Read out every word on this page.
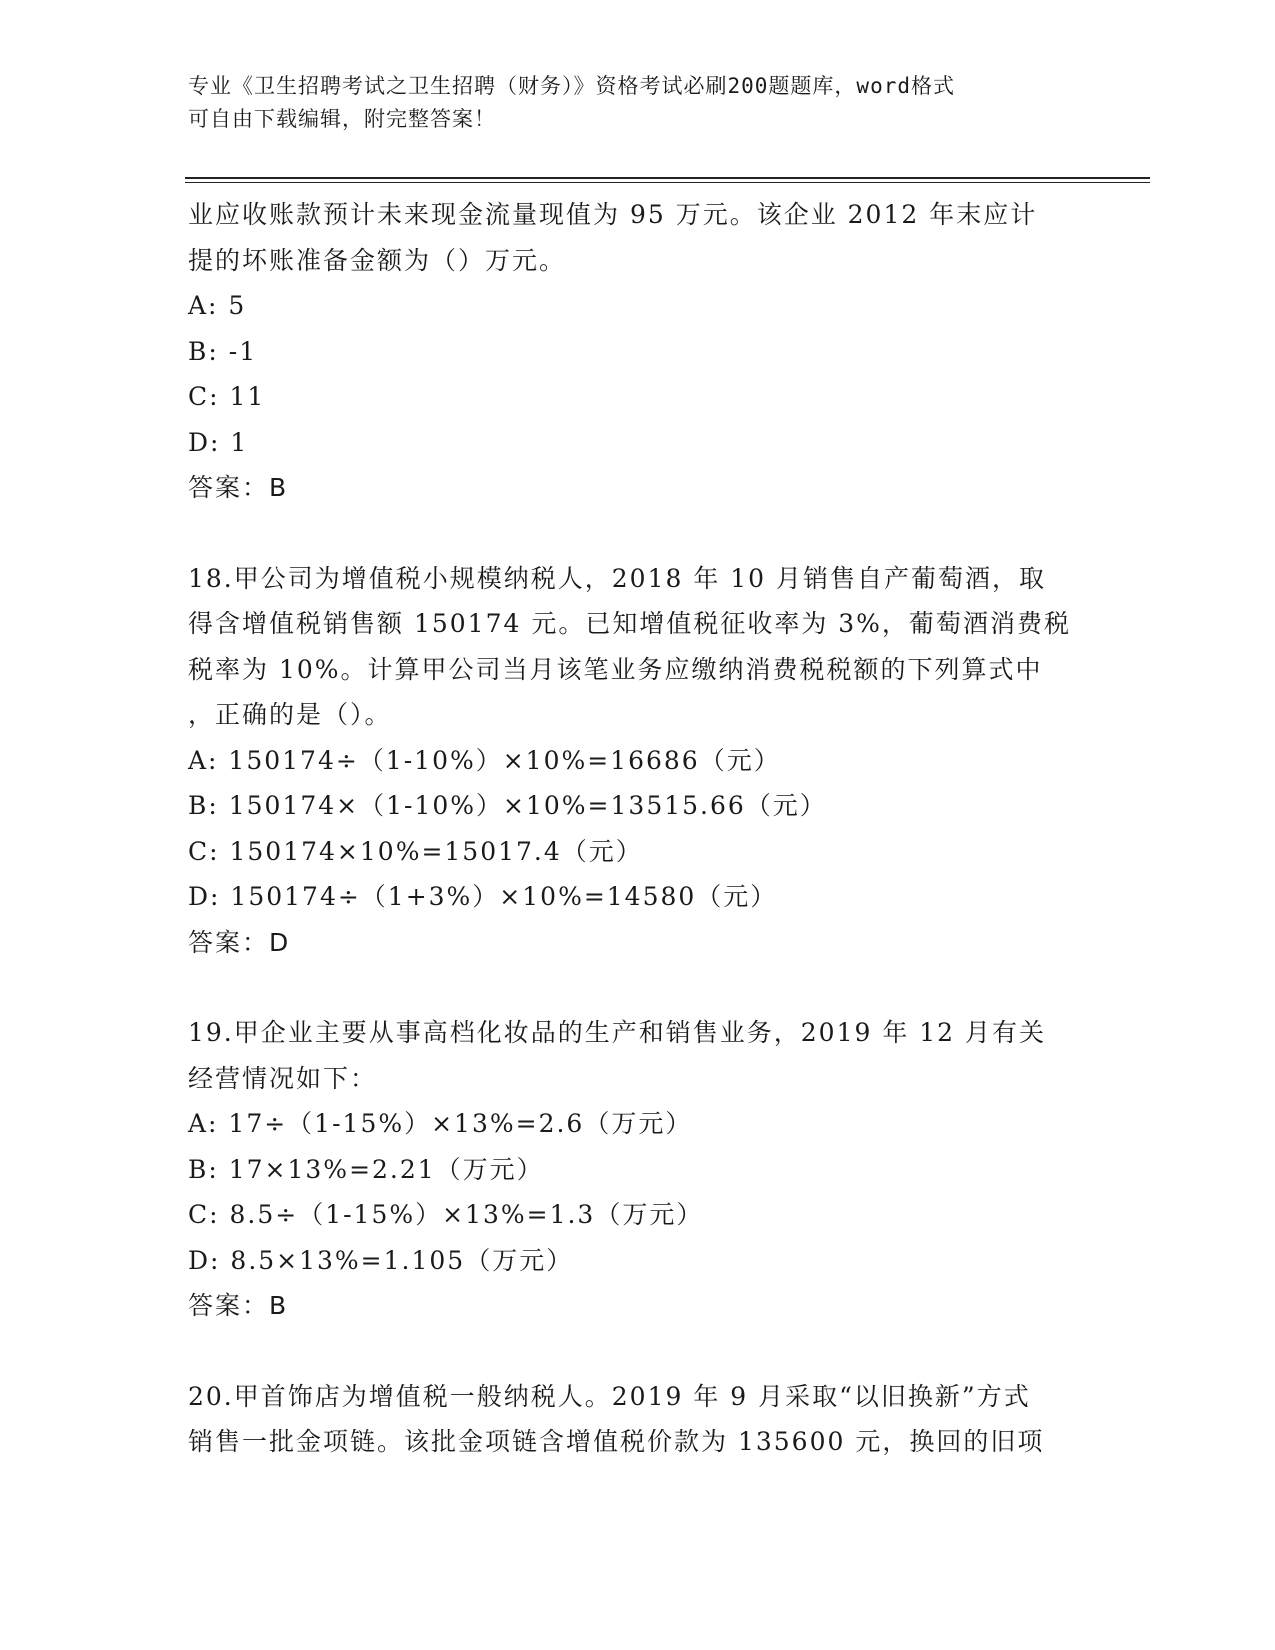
专业《卫生招聘考试之卫生招聘（财务）》资格考试必刷200题题库，word格式
可自由下载编辑，附完整答案！
业应收账款预计未来现金流量现值为 95 万元。该企业 2012 年末应计
提的坏账准备金额为（）万元。
A: 5
B: -1
C: 11
D: 1
答案：B
18.甲公司为增值税小规模纳税人，2018 年 10 月销售自产葡萄酒，取
得含增值税销售额 150174 元。已知增值税征收率为 3%，葡萄酒消费税
税率为 10%。计算甲公司当月该笔业务应缴纳消费税税额的下列算式中
，正确的是（）。
A: 150174÷（1-10%）×10%=16686（元）
B: 150174×（1-10%）×10%=13515.66（元）
C: 150174×10%=15017.4（元）
D: 150174÷（1+3%）×10%=14580（元）
答案：D
19.甲企业主要从事高档化妆品的生产和销售业务，2019 年 12 月有关
经营情况如下：
A: 17÷（1-15%）×13%=2.6（万元）
B: 17×13%=2.21（万元）
C: 8.5÷（1-15%）×13%=1.3（万元）
D: 8.5×13%=1.105（万元）
答案：B
20.甲首饰店为增值税一般纳税人。2019 年 9 月采取“以旧换新”方式
销售一批金项链。该批金项链含增值税价款为 135600 元，换回的旧项
